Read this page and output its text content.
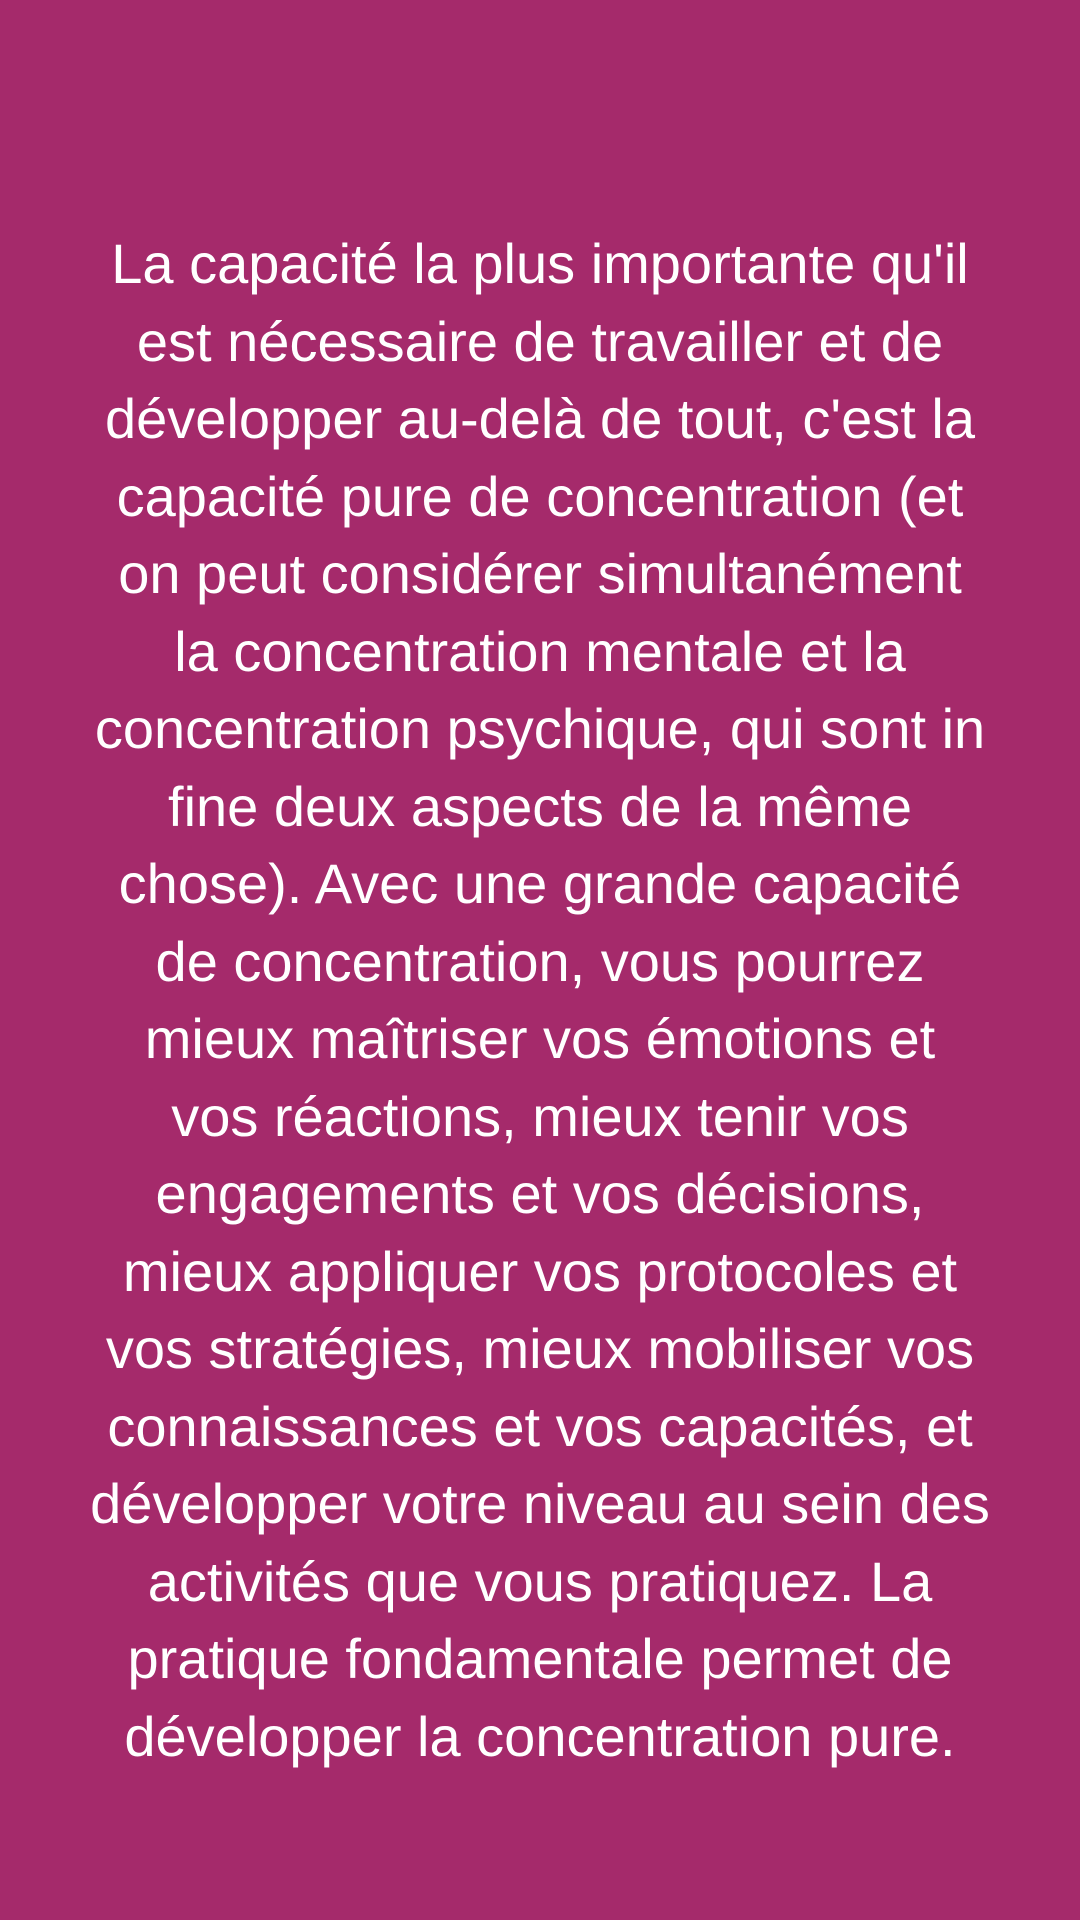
La capacité la plus importante qu'il
est nécessaire de travailler et de
développer au-delà de tout, c'est la
capacité pure de concentration (et
on peut considérer simultanément
la concentration mentale et la
concentration psychique, qui sont in
fine deux aspects de la même
chose). Avec une grande capacité
de concentration, vous pourrez
mieux maîtriser vos émotions et
vos réactions, mieux tenir vos
engagements et vos décisions,
mieux appliquer vos protocoles et
vos stratégies, mieux mobiliser vos
connaissances et vos capacités, et
développer votre niveau au sein des
activités que vous pratiquez. La
pratique fondamentale permet de
développer la concentration pure.
